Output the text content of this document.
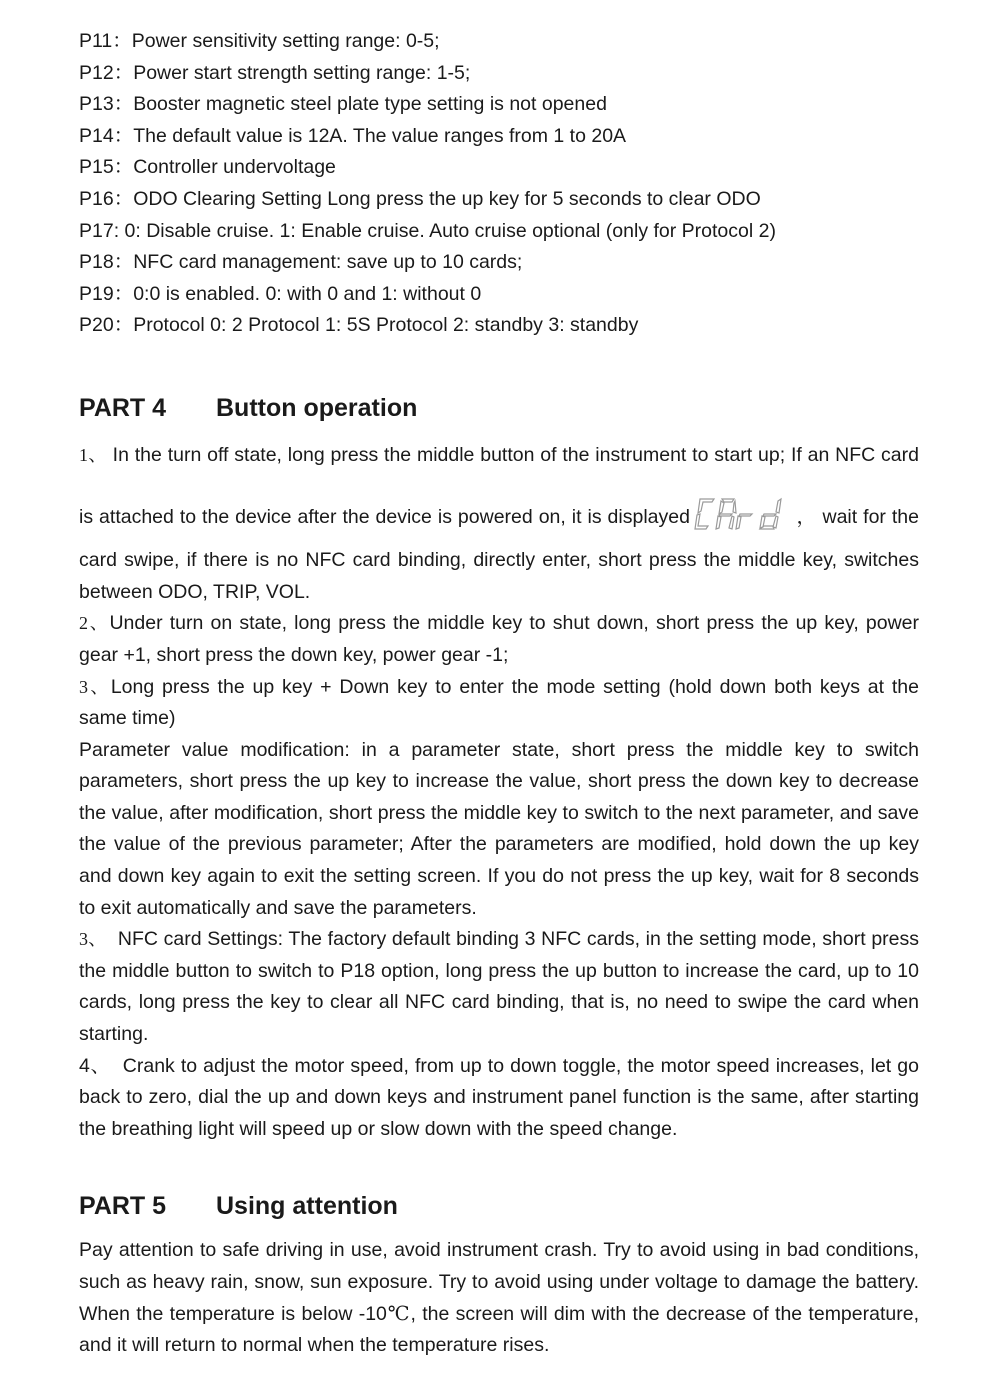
P11：Power sensitivity setting range: 0-5;
P12：Power start strength setting range: 1-5;
P13：Booster magnetic steel plate type setting is not opened
P14：The default value is 12A. The value ranges from 1 to 20A
P15：Controller undervoltage
P16：ODO Clearing Setting Long press the up key for 5 seconds to clear ODO
P17: 0: Disable cruise. 1: Enable cruise. Auto cruise optional (only for Protocol 2)
P18：NFC card management: save up to 10 cards;
P19：0:0 is enabled. 0: with 0 and 1: without 0
P20：Protocol 0: 2 Protocol 1: 5S Protocol 2: standby 3: standby
PART 4	Button operation

1、 In the turn off state, long press the middle button of the instrument to start up; If an NFC card

is attached to the device after the device is powered on, it is displayed	， wait for the

card swipe, if there is no NFC card binding, directly enter, short press the middle key, switches between ODO, TRIP, VOL.

2、Under turn on state, long press the middle key to shut down, short press the up key, power gear +1, short press the down key, power gear -1;

3、Long press the up key + Down key to enter the mode setting (hold down both keys at the same time)

Parameter value modification: in a parameter state, short press the middle key to switch parameters, short press the up key to increase the value, short press the down key to decrease the value, after modification, short press the middle key to switch to the next parameter, and save the value of the previous parameter; After the parameters are modified, hold down the up key and down key again to exit the setting screen. If you do not press the up key, wait for 8 seconds to exit automatically and save the parameters.

3、  NFC card Settings: The factory default binding 3 NFC cards, in the setting mode, short press the middle button to switch to P18 option, long press the up button to increase the card, up to 10 cards, long press the key to clear all NFC card binding, that is, no need to swipe the card when starting.

4、  Crank to adjust the motor speed, from up to down toggle, the motor speed increases, let go back to zero, dial the up and down keys and instrument panel function is the same, after starting the breathing light will speed up or slow down with the speed change.

PART 5	Using attention

Pay attention to safe driving in use, avoid instrument crash. Try to avoid using in bad conditions, such as heavy rain, snow, sun exposure. Try to avoid using under voltage to damage the battery. When the temperature is below -10℃, the screen will dim with the decrease of the temperature, and it will return to normal when the temperature rises.
